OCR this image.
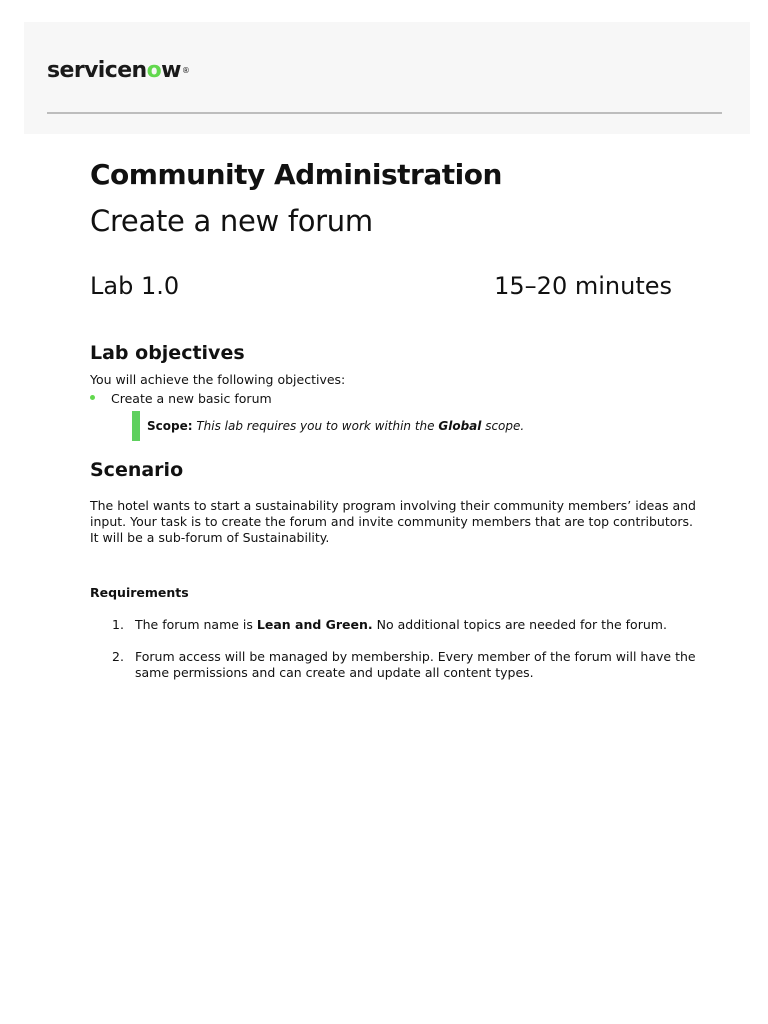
servicenow®
Community Administration
Create a new forum
Lab 1.0	15–20 minutes
Lab objectives

You will achieve the following objectives:

Create a new basic forum
Scope: This lab requires you to work within the Global scope.
Scenario

The hotel wants to start a sustainability program involving their community members’ ideas and
input. Your task is to create the forum and invite community members that are top contributors.
It will be a sub-forum of Sustainability.

Requirements
1. The forum name is Lean and Green. No additional topics are needed for the forum.
2. Forum access will be managed by membership. Every member of the forum will have the
same permissions and can create and update all content types.
